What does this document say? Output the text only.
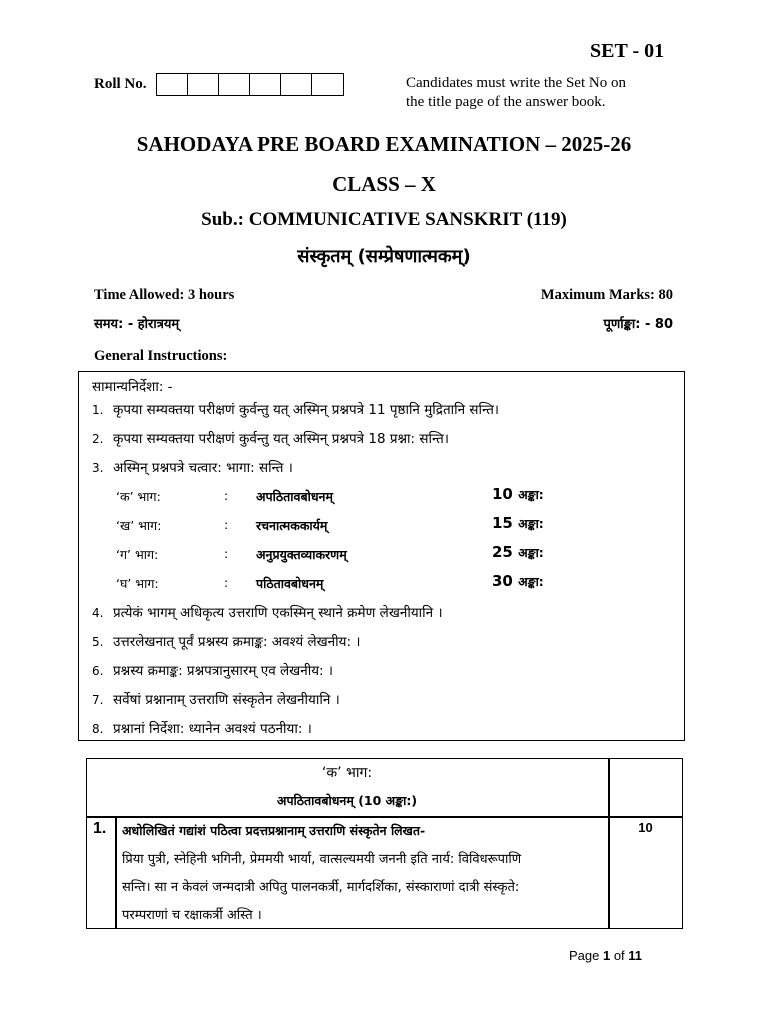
SET - 01
Roll No.	Candidates must write the Set No on
the title page of the answer book.
SAHODAYA PRE BOARD EXAMINATION – 2025-26
CLASS – X
Sub.: COMMUNICATIVE SANSKRIT (119)
संस्कृतम् (सम्प्रेषणात्मकम्)
Time Allowed: 3 hours	Maximum Marks: 80
समय: - होरात्रयम्	पूर्णाङ्का: - 80
General Instructions:
सामान्यनिर्देशा: -
1. कृपया सम्यक्तया परीक्षणं कुर्वन्तु यत् अस्मिन् प्रश्नपत्रे 11 पृष्ठानि मुद्रितानि सन्ति।
2. कृपया सम्यक्तया परीक्षणं कुर्वन्तु यत् अस्मिन् प्रश्नपत्रे 18 प्रश्ना: सन्ति।
3. अस्मिन् प्रश्नपत्रे चत्वार: भागा: सन्ति ।
‘क’ भाग:	: अपठितावबोधनम्	10 अङ्का:
‘ख’ भाग:	: रचनात्मककार्यम्	15 अङ्का:
‘ग’ भाग:	: अनुप्रयुक्तव्याकरणम्	25 अङ्का:
‘घ’ भाग:	: पठितावबोधनम्	30 अङ्का:
4. प्रत्येकं भागम् अधिकृत्य उत्तराणि एकस्मिन् स्थाने क्रमेण लेखनीयानि ।
5. उत्तरलेखनात् पूर्वं प्रश्नस्य क्रमाङ्क: अवश्यं लेखनीय: ।
6. प्रश्नस्य क्रमाङ्क: प्रश्नपत्रानुसारम् एव लेखनीय: ।
7. सर्वेषां प्रश्नानाम् उत्तराणि संस्कृतेन लेखनीयानि ।
8. प्रश्नानां निर्देशा: ध्यानेन अवश्यं पठनीया: ।
‘क’ भाग:
अपठितावबोधनम् (10 अङ्का:)
1. अधोलिखितं गद्यांशं पठित्वा प्रदत्तप्रश्नानाम् उत्तराणि संस्कृतेन लिखत-	10
प्रिया पुत्री, स्नेहिनी भगिनी, प्रेममयी भार्या, वात्सल्यमयी जननी इति नार्य: विविधरूपाणि
सन्ति। सा न केवलं जन्मदात्री अपितु पालनकर्त्री, मार्गदर्शिका, संस्काराणां दात्री संस्कृते:
परम्पराणां च रक्षाकर्त्री अस्ति ।
Page 1 of 11
